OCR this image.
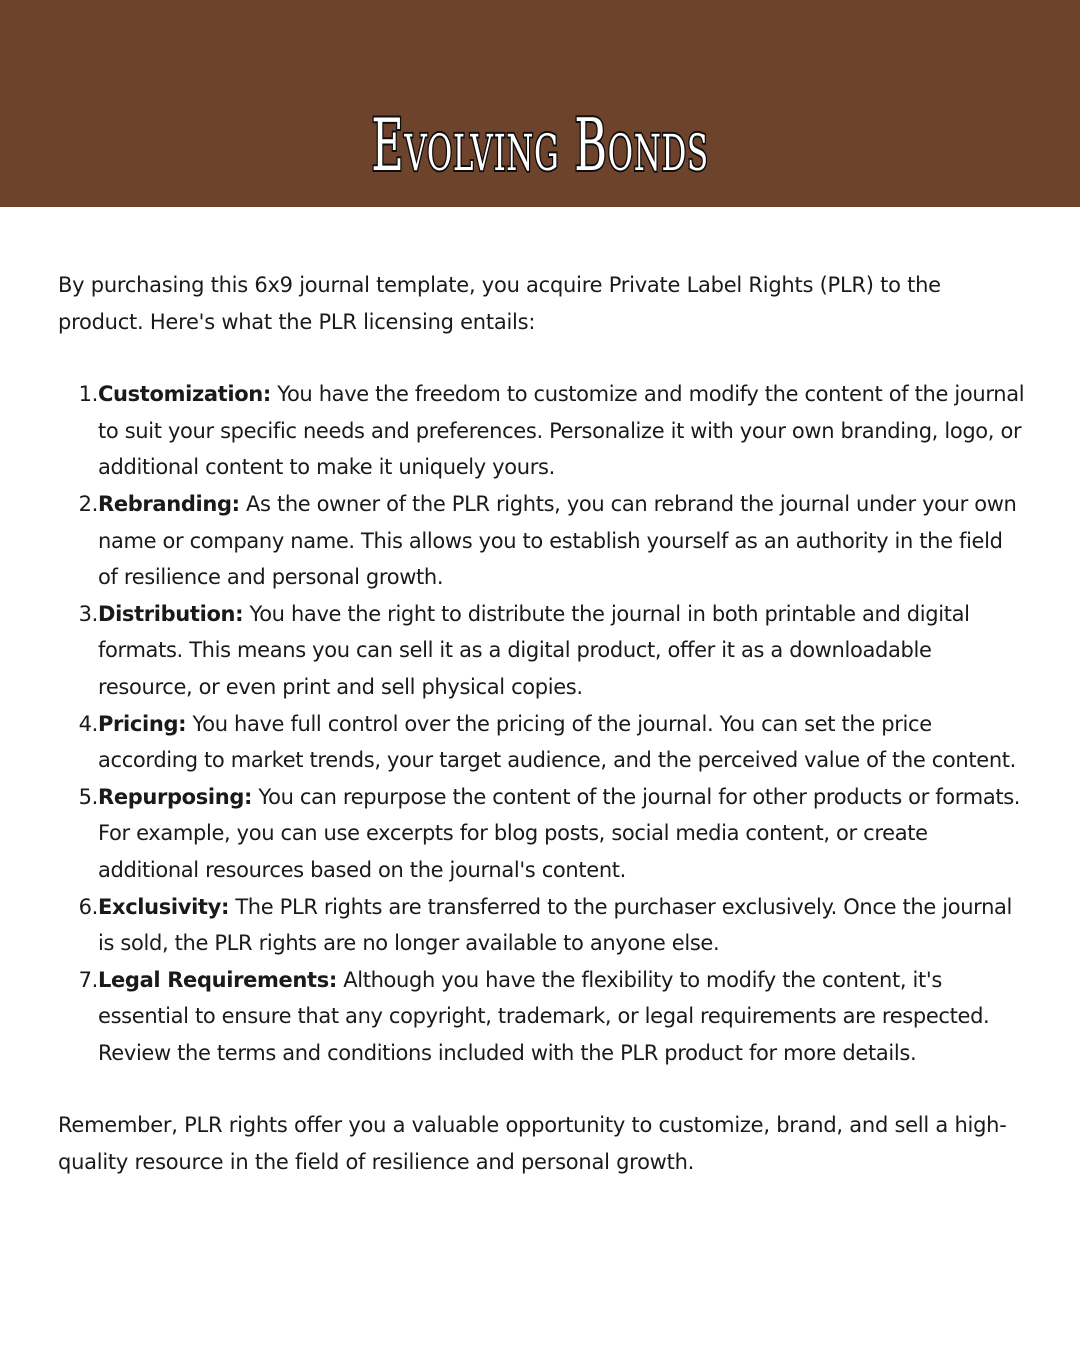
Evolving Bonds

By purchasing this 6x9 journal template, you acquire Private Label Rights (PLR) to the product. Here's what the PLR licensing entails:

1. Customization: You have the freedom to customize and modify the content of the journal to suit your specific needs and preferences. Personalize it with your own branding, logo, or additional content to make it uniquely yours.
2. Rebranding: As the owner of the PLR rights, you can rebrand the journal under your own name or company name. This allows you to establish yourself as an authority in the field of resilience and personal growth.
3. Distribution: You have the right to distribute the journal in both printable and digital formats. This means you can sell it as a digital product, offer it as a downloadable resource, or even print and sell physical copies.
4. Pricing: You have full control over the pricing of the journal. You can set the price according to market trends, your target audience, and the perceived value of the content.
5. Repurposing: You can repurpose the content of the journal for other products or formats. For example, you can use excerpts for blog posts, social media content, or create additional resources based on the journal's content.
6. Exclusivity: The PLR rights are transferred to the purchaser exclusively. Once the journal is sold, the PLR rights are no longer available to anyone else.
7. Legal Requirements: Although you have the flexibility to modify the content, it's essential to ensure that any copyright, trademark, or legal requirements are respected. Review the terms and conditions included with the PLR product for more details.

Remember, PLR rights offer you a valuable opportunity to customize, brand, and sell a high-quality resource in the field of resilience and personal growth.
